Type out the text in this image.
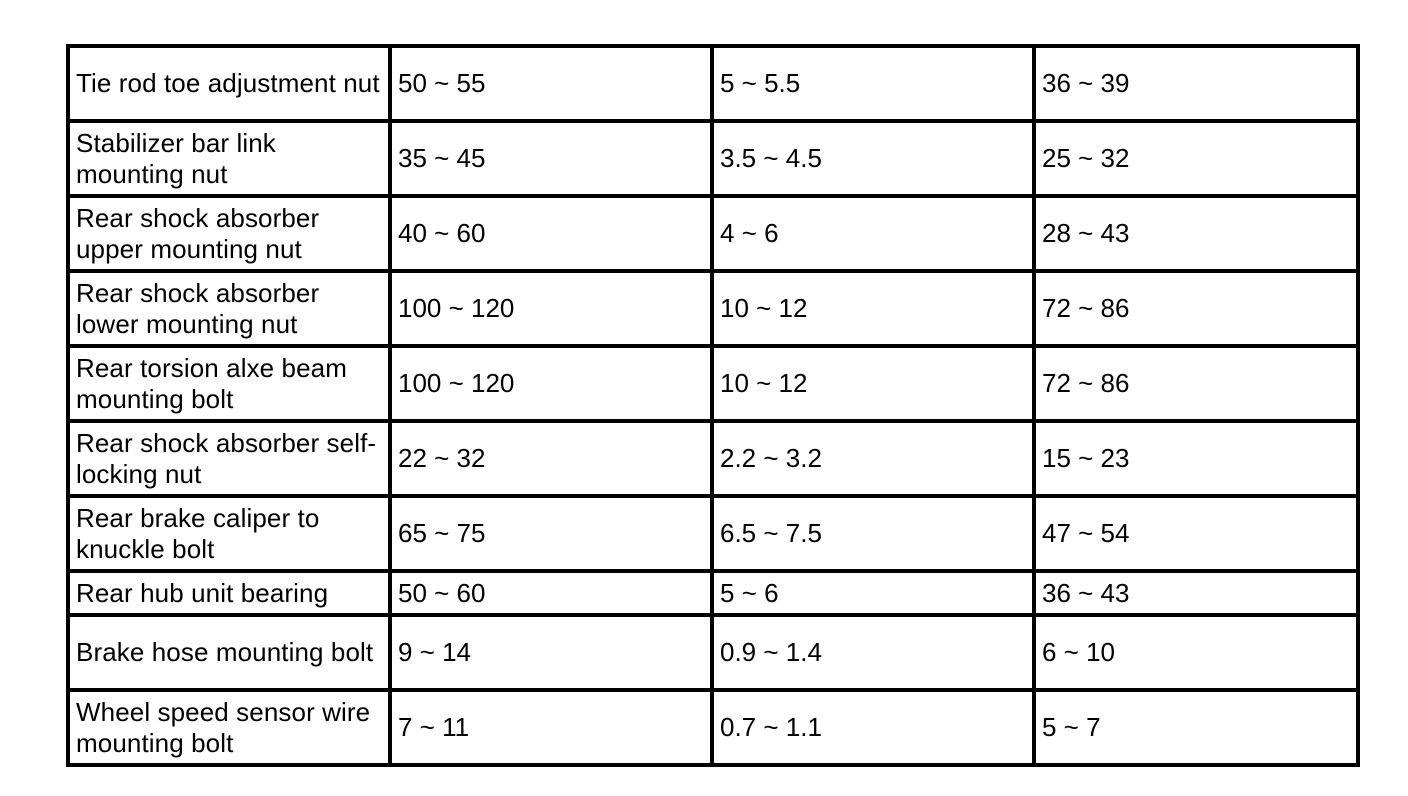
Tie rod toe adjustment nut	50 ~ 55	5 ~ 5.5	36 ~ 39
Stabilizer bar link mounting nut	35 ~ 45	3.5 ~ 4.5	25 ~ 32
Rear shock absorber upper mounting nut	40 ~ 60	4 ~ 6	28 ~ 43
Rear shock absorber lower mounting nut	100 ~ 120	10 ~ 12	72 ~ 86
Rear torsion alxe beam mounting bolt	100 ~ 120	10 ~ 12	72 ~ 86
Rear shock absorber self-locking nut	22 ~ 32	2.2 ~ 3.2	15 ~ 23
Rear brake caliper to knuckle bolt	65 ~ 75	6.5 ~ 7.5	47 ~ 54
Rear hub unit bearing	50 ~ 60	5 ~ 6	36 ~ 43
Brake hose mounting bolt	9 ~ 14	0.9 ~ 1.4	6 ~ 10
Wheel speed sensor wire mounting bolt	7 ~ 11	0.7 ~ 1.1	5 ~ 7
